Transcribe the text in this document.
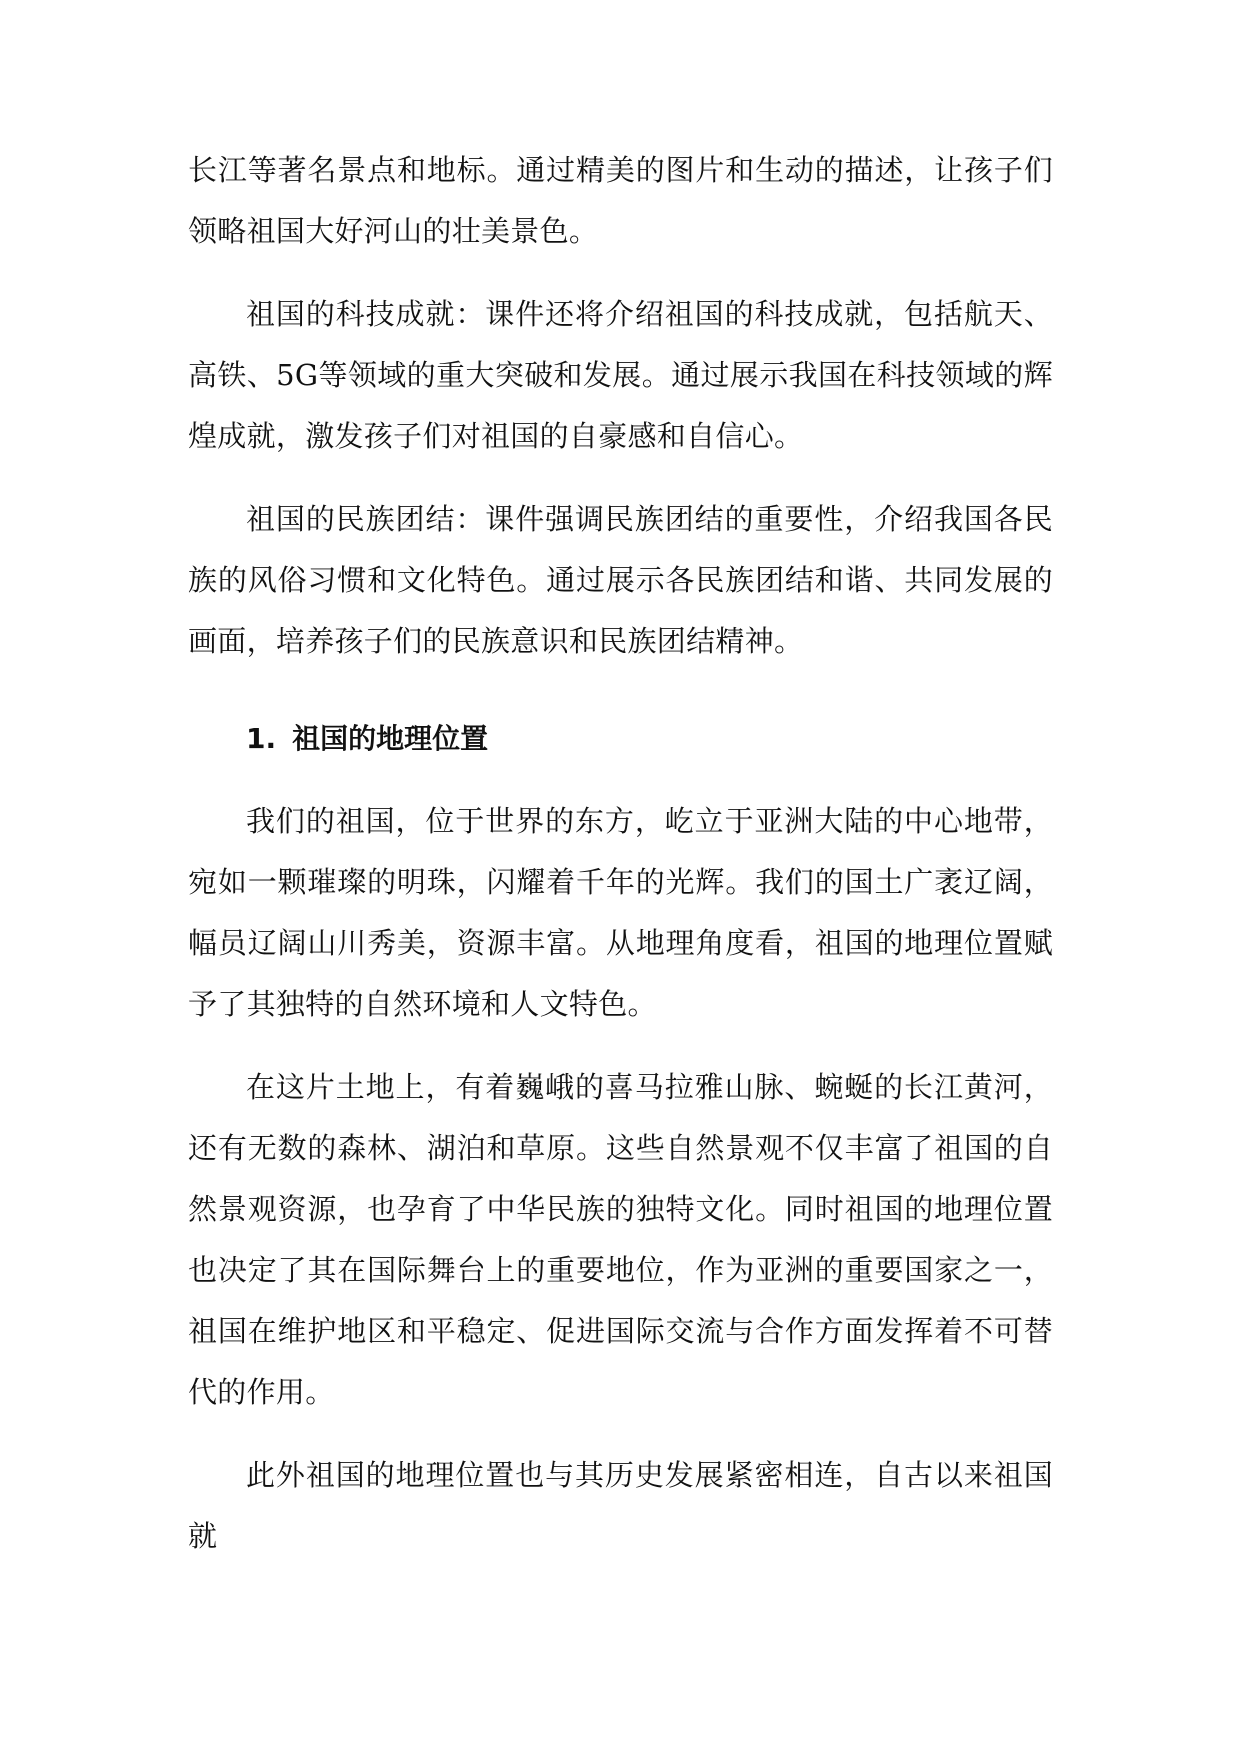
长江等著名景点和地标。通过精美的图片和生动的描述，让孩子们领略祖国大好河山的壮美景色。

祖国的科技成就：课件还将介绍祖国的科技成就，包括航天、高铁、5G等领域的重大突破和发展。通过展示我国在科技领域的辉煌成就，激发孩子们对祖国的自豪感和自信心。

祖国的民族团结：课件强调民族团结的重要性，介绍我国各民族的风俗习惯和文化特色。通过展示各民族团结和谐、共同发展的画面，培养孩子们的民族意识和民族团结精神。

1. 祖国的地理位置

我们的祖国，位于世界的东方，屹立于亚洲大陆的中心地带，宛如一颗璀璨的明珠，闪耀着千年的光辉。我们的国土广袤辽阔，幅员辽阔山川秀美，资源丰富。从地理角度看，祖国的地理位置赋予了其独特的自然环境和人文特色。

在这片土地上，有着巍峨的喜马拉雅山脉、蜿蜒的长江黄河，还有无数的森林、湖泊和草原。这些自然景观不仅丰富了祖国的自然景观资源，也孕育了中华民族的独特文化。同时祖国的地理位置也决定了其在国际舞台上的重要地位，作为亚洲的重要国家之一，祖国在维护地区和平稳定、促进国际交流与合作方面发挥着不可替代的作用。

此外祖国的地理位置也与其历史发展紧密相连，自古以来祖国就
